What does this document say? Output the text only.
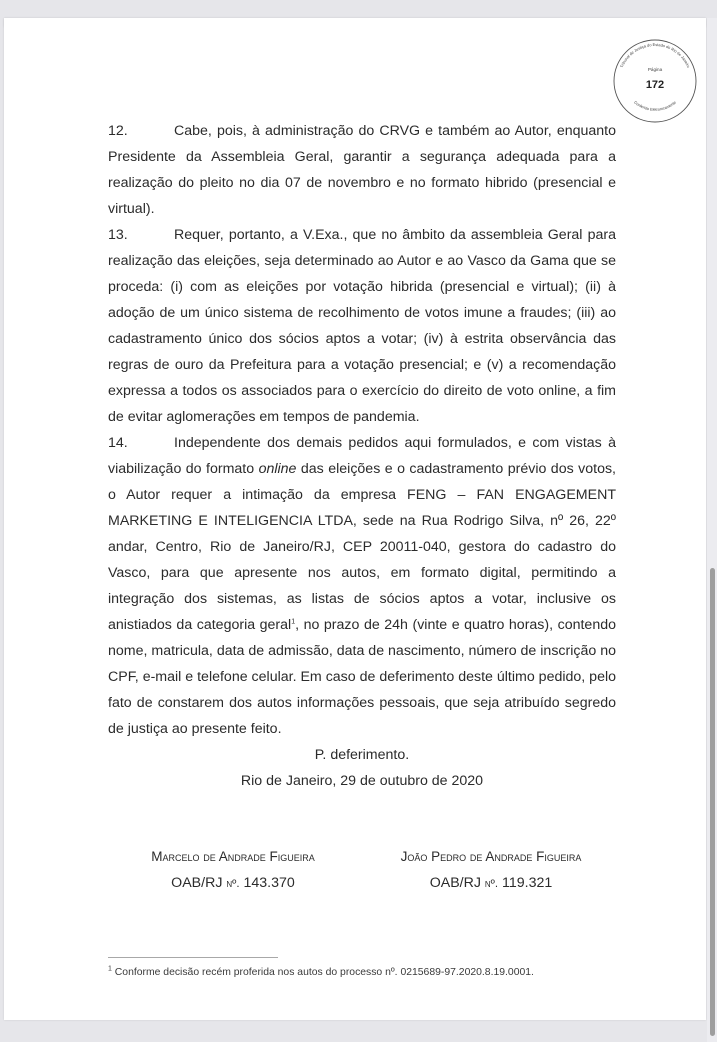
Tribunal de Justiça do Estado do Rio de Janeiro
Página
172
Conferido Eletronicamente

12.	Cabe, pois, à administração do CRVG e também ao Autor, enquanto Presidente da Assembleia Geral, garantir a segurança adequada para a realização do pleito no dia 07 de novembro e no formato hibrido (presencial e virtual).

13.	Requer, portanto, a V.Exa., que no âmbito da assembleia Geral para realização das eleições, seja determinado ao Autor e ao Vasco da Gama que se proceda: (i) com as eleições por votação hibrida (presencial e virtual); (ii) à adoção de um único sistema de recolhimento de votos imune a fraudes; (iii) ao cadastramento único dos sócios aptos a votar; (iv) à estrita observância das regras de ouro da Prefeitura para a votação presencial; e (v) a recomendação expressa a todos os associados para o exercício do direito de voto online, a fim de evitar aglomerações em tempos de pandemia.

14.	Independente dos demais pedidos aqui formulados, e com vistas à viabilização do formato online das eleições e o cadastramento prévio dos votos, o Autor requer a intimação da empresa FENG – FAN ENGAGEMENT MARKETING E INTELIGENCIA LTDA, sede na Rua Rodrigo Silva, nº 26, 22º andar, Centro, Rio de Janeiro/RJ, CEP 20011-040, gestora do cadastro do Vasco, para que apresente nos autos, em formato digital, permitindo a integração dos sistemas, as listas de sócios aptos a votar, inclusive os anistiados da categoria geral$^1$, no prazo de 24h (vinte e quatro horas), contendo nome, matricula, data de admissão, data de nascimento, número de inscrição no CPF, e-mail e telefone celular. Em caso de deferimento deste último pedido, pelo fato de constarem dos autos informações pessoais, que seja atribuído segredo de justiça ao presente feito.

P. deferimento.

Rio de Janeiro, 29 de outubro de 2020

Marcelo de Andrade Figueira
OAB/RJ nº. 143.370
João Pedro de Andrade Figueira
OAB/RJ nº. 119.321
$^1$ Conforme decisão recém proferida nos autos do processo nº. 0215689-97.2020.8.19.0001.
